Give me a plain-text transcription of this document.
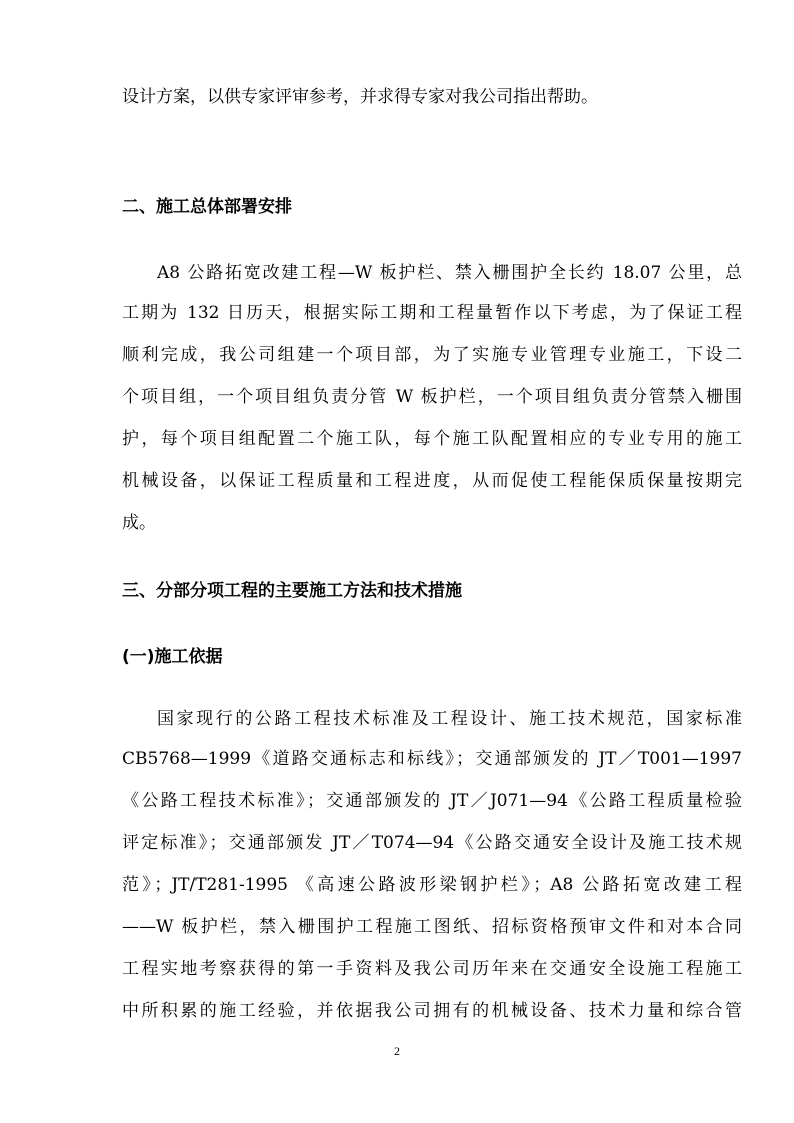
设计方案，以供专家评审参考，并求得专家对我公司指出帮助。
二、施工总体部署安排
A8 公路拓宽改建工程—W 板护栏、禁入栅围护全长约 18.07 公里，总
工期为 132 日历天，根据实际工期和工程量暂作以下考虑，为了保证工程
顺利完成，我公司组建一个项目部，为了实施专业管理专业施工，下设二
个项目组，一个项目组负责分管 W 板护栏，一个项目组负责分管禁入栅围
护，每个项目组配置二个施工队，每个施工队配置相应的专业专用的施工
机械设备，以保证工程质量和工程进度，从而促使工程能保质保量按期完
成。
三、分部分项工程的主要施工方法和技术措施
(一)施工依据
国家现行的公路工程技术标准及工程设计、施工技术规范，国家标准
CB5768—1999《道路交通标志和标线》；交通部颁发的 JT／T001—1997
《公路工程技术标准》；交通部颁发的 JT／J071—94《公路工程质量检验
评定标准》；交通部颁发 JT／T074—94《公路交通安全设计及施工技术规
范》；JT/T281-1995 《高速公路波形梁钢护栏》；A8 公路拓宽改建工程
——W 板护栏，禁入栅围护工程施工图纸、招标资格预审文件和对本合同
工程实地考察获得的第一手资料及我公司历年来在交通安全设施工程施工
中所积累的施工经验，并依据我公司拥有的机械设备、技术力量和综合管
2
